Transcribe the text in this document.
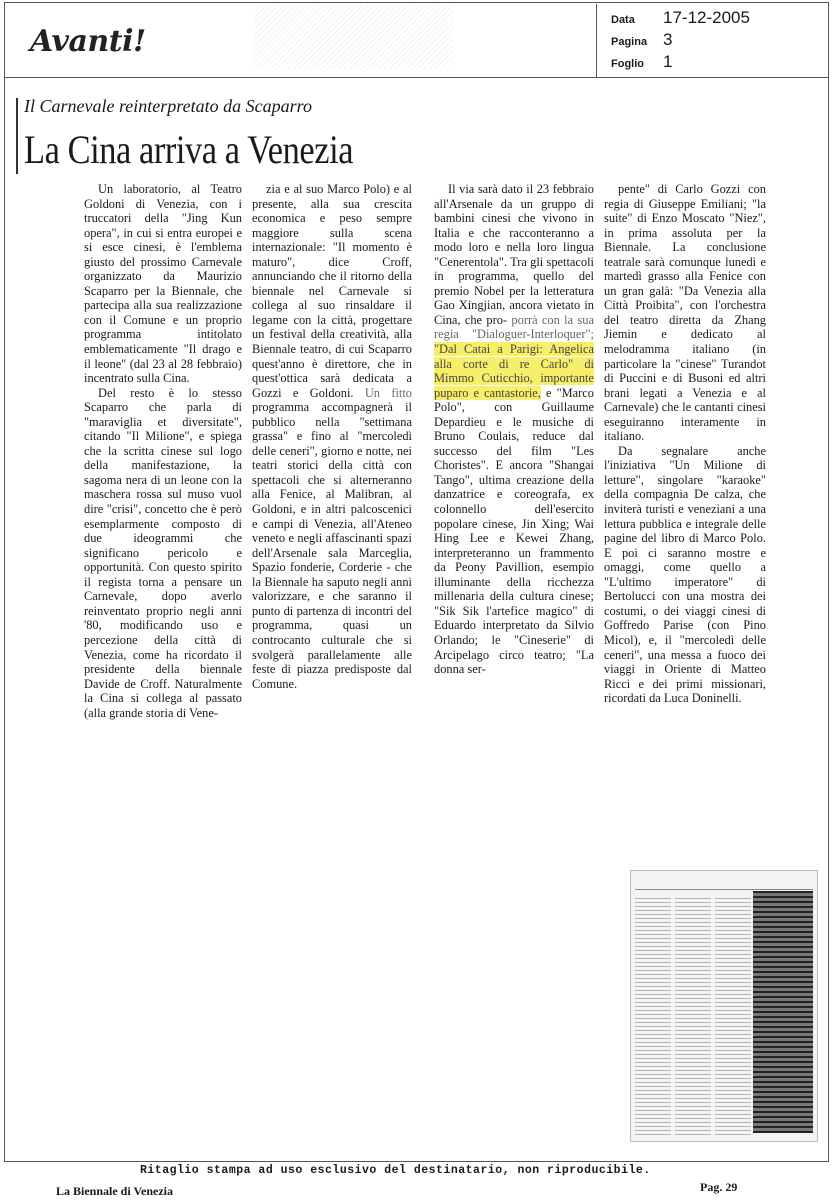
Avanti!
Data 17-12-2005
Pagina 3
Foglio 1
Il Carnevale reinterpretato da Scaparro
La Cina arriva a Venezia

Un laboratorio, al Teatro Goldoni di Venezia, con i truccatori della "Jing Kun opera", in cui si entra europei e si esce cinesi, è l'emblema giusto del prossimo Carnevale organizzato da Maurizio Scaparro per la Biennale, che partecipa alla sua realizzazione con il Comune e un proprio programma intitolato emblematicamente "Il drago e il leone" (dal 23 al 28 febbraio) incentrato sulla Cina.

Del resto è lo stesso Scaparro che parla di "maraviglia et diversitate", citando "Il Milione", e spiega che la scritta cinese sul logo della manifestazione, la sagoma nera di un leone con la maschera rossa sul muso vuol dire "crisi", concetto che è però esemplarmente composto di due ideogrammi che significano pericolo e opportunità. Con questo spirito il regista torna a pensare un Carnevale, dopo averlo reinventato proprio negli anni '80, modificando uso e percezione della città di Venezia, come ha ricordato il presidente della biennale Davide de Croff. Naturalmente la Cina si collega al passato (alla grande storia di Vene-

zia e al suo Marco Polo) e al presente, alla sua crescita economica e peso sempre maggiore sulla scena internazionale: "Il momento è maturo", dice Croff, annunciando che il ritorno della biennale nel Carnevale si collega al suo rinsaldare il legame con la città, progettare un festival della creatività, alla Biennale teatro, di cui Scaparro quest'anno è direttore, che in quest'ottica sarà dedicata a Gozzi e Goldoni. Un fitto programma accompagnerà il pubblico nella "settimana grassa" e fino al "mercoledì delle ceneri", giorno e notte, nei teatri storici della città con spettacoli che si alterneranno alla Fenice, al Malibran, al Goldoni, e in altri palcoscenici e campi di Venezia, all'Ateneo veneto e negli affascinanti spazi dell'Arsenale sala Marceglia, Spazio fonderie, Corderie - che la Biennale ha saputo negli anni valorizzare, e che saranno il punto di partenza di incontri del programma, quasi un controcanto culturale che si svolgerà parallelamente alle feste di piazza predisposte dal Comune.

Il via sarà dato il 23 febbraio all'Arsenale da un gruppo di bambini cinesi che vivono in Italia e che racconteranno a modo loro e nella loro lingua "Cenerentola". Tra gli spettacoli in programma, quello del premio Nobel per la letteratura Gao Xingjian, ancora vietato in Cina, che pro- porrà con la sua regia "Dialoguer-Interloquer"; "Dal Catai a Parigi: Angelica alla corte di re Carlo" di Mimmo Cuticchio, importante puparo e cantastorie, e "Marco Polo", con Guillaume Depardieu e le musiche di Bruno Coulais, reduce dal successo del film "Les Choristes". E ancora "Shangai Tango", ultima creazione della danzatrice e coreografa, ex colonnello dell'esercito popolare cinese, Jin Xing; Wai Hing Lee e Kewei Zhang, interpreteranno un frammento da Peony Pavillion, esempio illuminante della ricchezza millenaria della cultura cinese; "Sik Sik l'artefice magico" di Eduardo interpretato da Silvio Orlando; le "Cineserie" di Arcipelago circo teatro; "La donna ser-

pente" di Carlo Gozzi con regia di Giuseppe Emiliani; "la suite" di Enzo Moscato "Niez", in prima assoluta per la Biennale. La conclusione teatrale sarà comunque lunedì e martedì grasso alla Fenice con un gran galà: "Da Venezia alla Città Proibita", con l'orchestra del teatro diretta da Zhang Jiemin e dedicato al melodramma italiano (in particolare la "cinese" Turandot di Puccini e di Busoni ed altri brani legati a Venezia e al Carnevale) che le cantanti cinesi eseguiranno interamente in italiano.

Da segnalare anche l'iniziativa "Un Milione di letture", singolare "karaoke" della compagnia De calza, che inviterà turisti e veneziani a una lettura pubblica e integrale delle pagine del libro di Marco Polo. E poi ci saranno mostre e omaggi, come quello a "L'ultimo imperatore" di Bertolucci con una mostra dei costumi, o dei viaggi cinesi di Goffredo Parise (con Pino Micol), e, il "mercoledì delle ceneri", una messa a fuoco dei viaggi in Oriente di Matteo Ricci e dei primi missionari, ricordati da Luca Doninelli.

Ritaglio stampa ad uso esclusivo del destinatario, non riproducibile.
La Biennale di Venezia	Pag. 29
